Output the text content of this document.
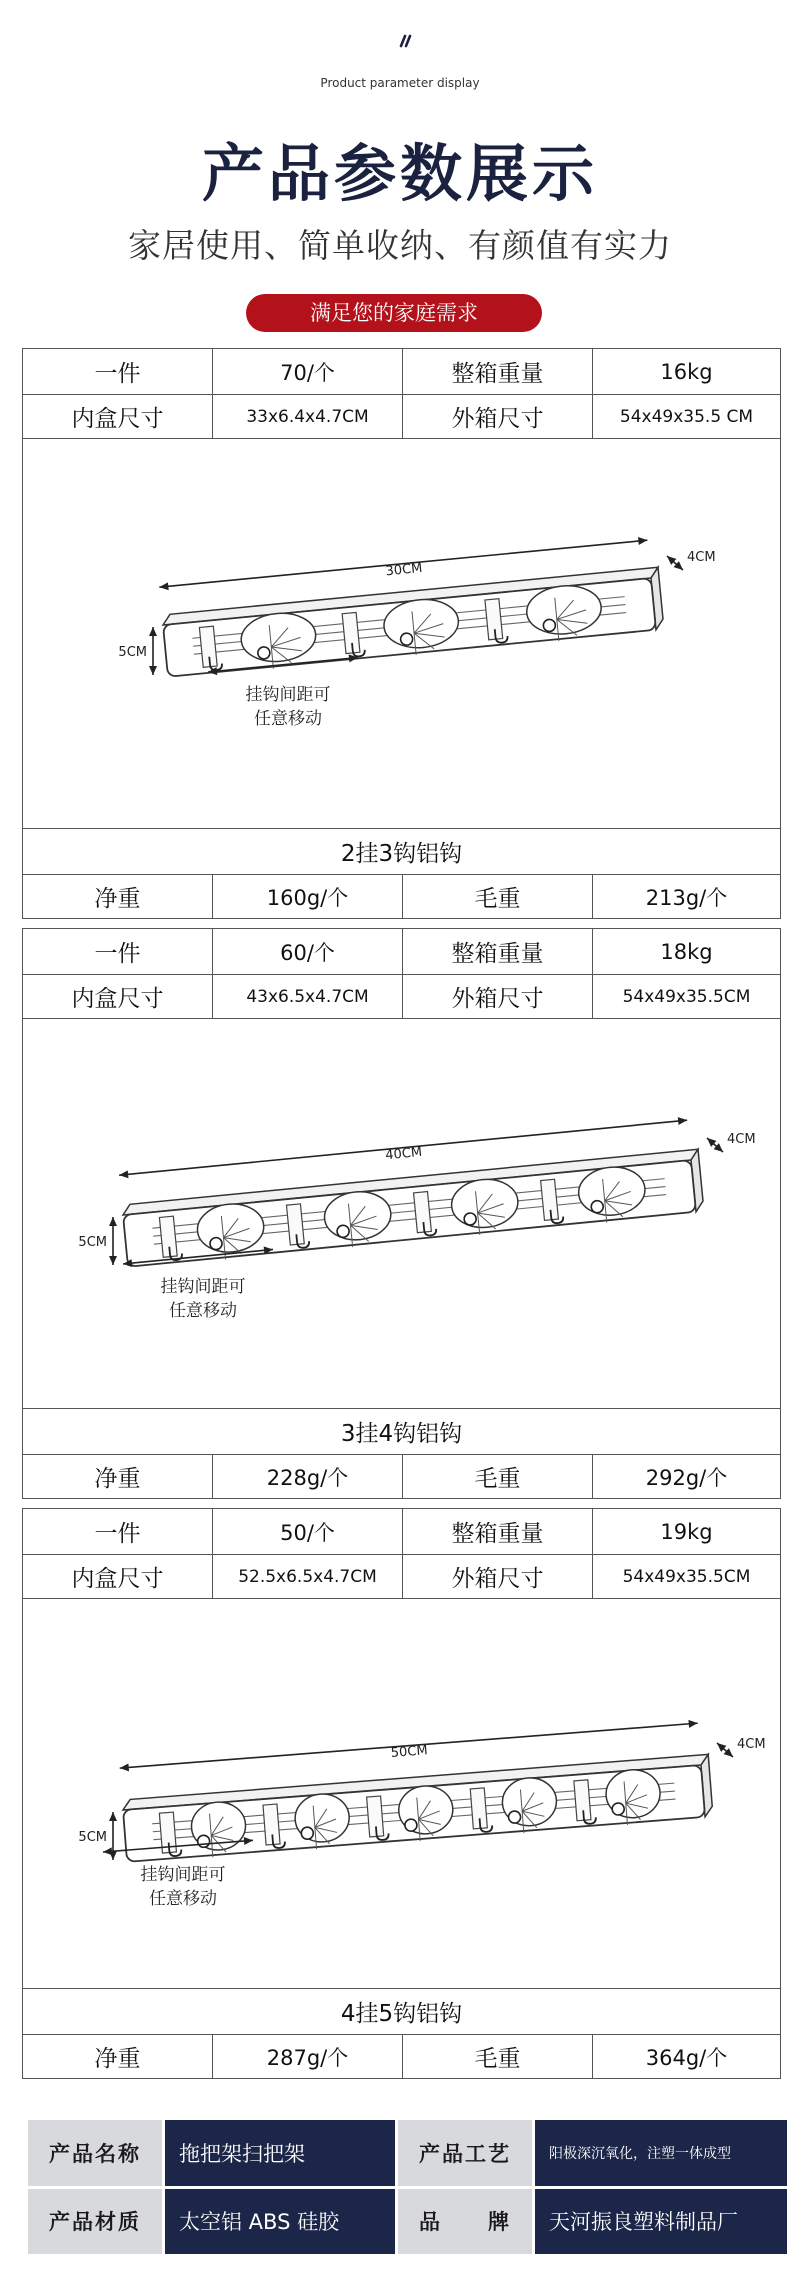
Product parameter display
产品参数展示
家居使用、简单收纳、有颜值有实力
满足您的家庭需求
一件	70/个	整箱重量	16kg
内盒尺寸	33x6.4x4.7CM	外箱尺寸	54x49x35.5 CM

30CM
4CM
5CM
挂钩间距可
任意移动			

2挂3钩铝钩			
净重	160g/个	毛重	213g/个
一件	60/个	整箱重量	18kg
内盒尺寸	43x6.5x4.7CM	外箱尺寸	54x49x35.5CM

40CM
4CM
5CM
挂钩间距可
任意移动			

3挂4钩铝钩			
净重	228g/个	毛重	292g/个
一件	50/个	整箱重量	19kg
内盒尺寸	52.5x6.5x4.7CM	外箱尺寸	54x49x35.5CM

50CM 4CM
5CM
挂钩间距可
任意移动			

4挂5钩铝钩			
净重	287g/个	毛重	364g/个
产品名称	拖把架扫把架	产品工艺	阳极深沉氧化，注塑一体成型
产品材质	太空铝 ABS 硅胶	品　　牌	天河振良塑料制品厂
